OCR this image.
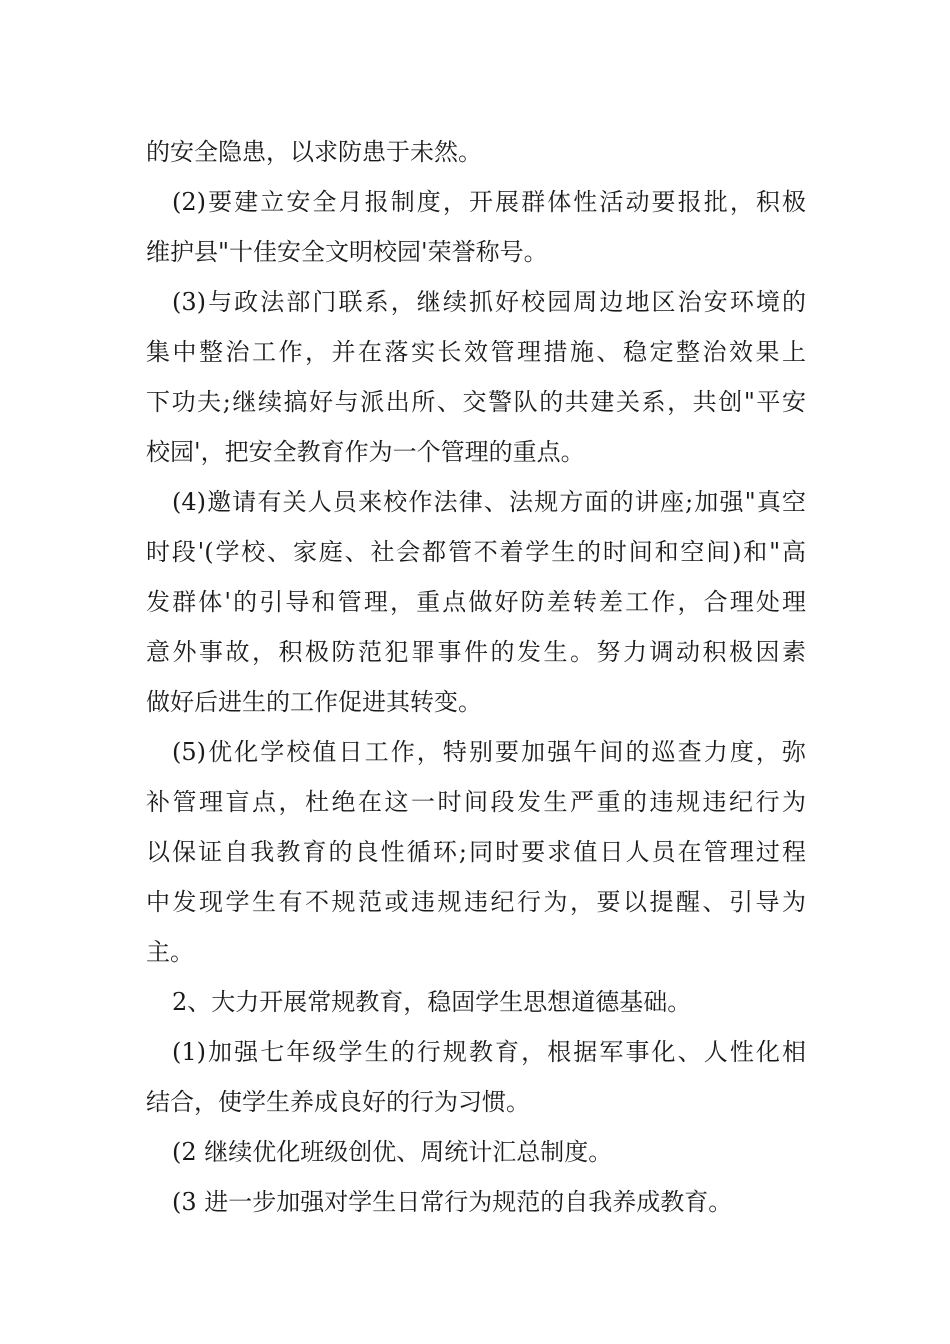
的安全隐患，以求防患于未然。

(2)要建立安全月报制度，开展群体性活动要报批，积极

维护县"十佳安全文明校园'荣誉称号。

(3)与政法部门联系，继续抓好校园周边地区治安环境的

集中整治工作，并在落实长效管理措施、稳定整治效果上

下功夫;继续搞好与派出所、交警队的共建关系，共创"平安

校园'，把安全教育作为一个管理的重点。

(4)邀请有关人员来校作法律、法规方面的讲座;加强"真空

时段'(学校、家庭、社会都管不着学生的时间和空间)和"高

发群体'的引导和管理，重点做好防差转差工作，合理处理

意外事故，积极防范犯罪事件的发生。努力调动积极因素

做好后进生的工作促进其转变。

(5)优化学校值日工作，特别要加强午间的巡查力度，弥

补管理盲点，杜绝在这一时间段发生严重的违规违纪行为

以保证自我教育的良性循环;同时要求值日人员在管理过程

中发现学生有不规范或违规违纪行为，要以提醒、引导为

主。

2、大力开展常规教育，稳固学生思想道德基础。

(1)加强七年级学生的行规教育，根据军事化、人性化相

结合，使学生养成良好的行为习惯。

(2 继续优化班级创优、周统计汇总制度。

(3 进一步加强对学生日常行为规范的自我养成教育。
